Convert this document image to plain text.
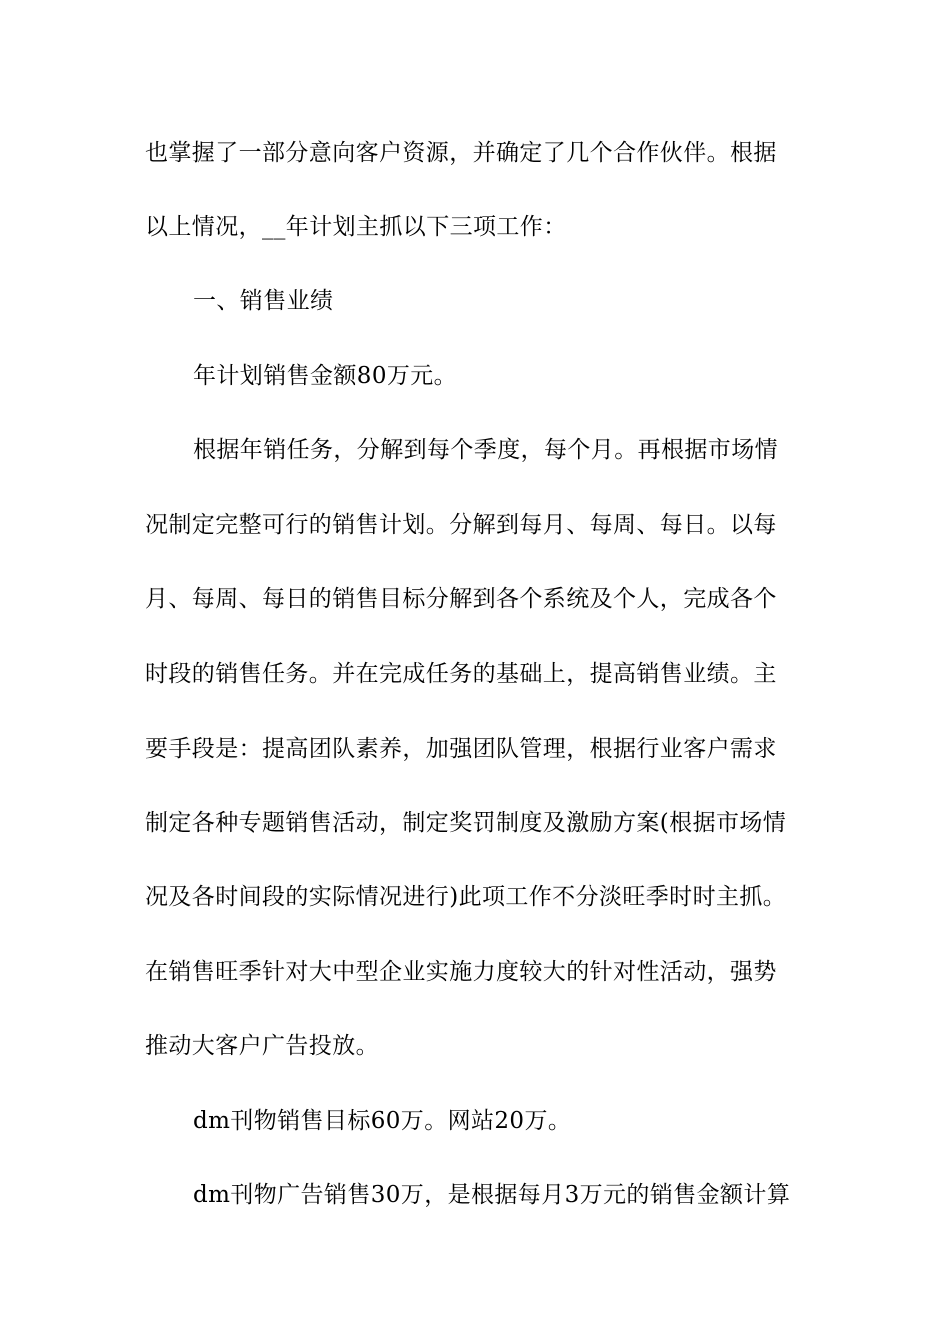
也掌握了一部分意向客户资源，并确定了几个合作伙伴。根据
以上情况，__年计划主抓以下三项工作：
一、销售业绩
年计划销售金额80万元。
根据年销任务，分解到每个季度，每个月。再根据市场情
况制定完整可行的销售计划。分解到每月、每周、每日。以每
月、每周、每日的销售目标分解到各个系统及个人，完成各个
时段的销售任务。并在完成任务的基础上，提高销售业绩。主
要手段是：提高团队素养，加强团队管理，根据行业客户需求
制定各种专题销售活动，制定奖罚制度及激励方案(根据市场情
况及各时间段的实际情况进行)此项工作不分淡旺季时时主抓。
在销售旺季针对大中型企业实施力度较大的针对性活动，强势
推动大客户广告投放。
dm刊物销售目标60万。网站20万。
dm刊物广告销售30万，是根据每月3万元的销售金额计算
